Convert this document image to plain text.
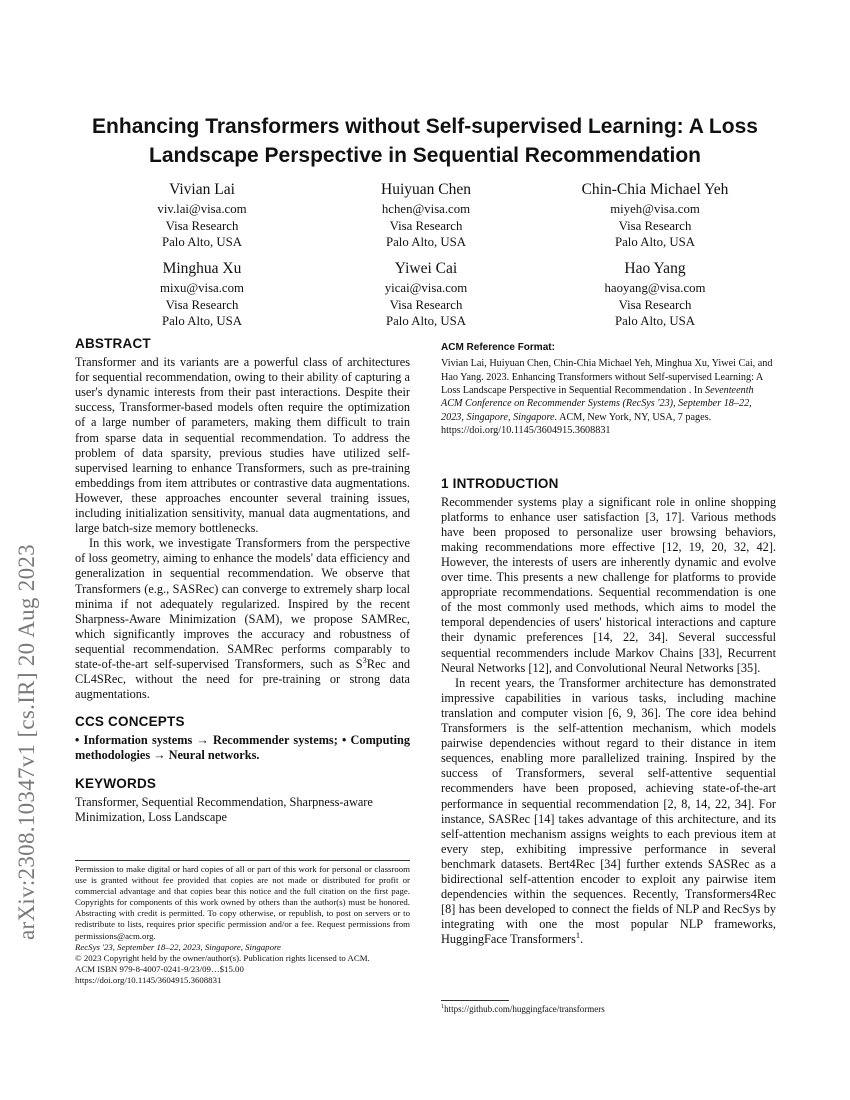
arXiv:2308.10347v1 [cs.IR] 20 Aug 2023
Enhancing Transformers without Self-supervised Learning: A Loss Landscape Perspective in Sequential Recommendation
Vivian Lai
viv.lai@visa.com
Visa Research
Palo Alto, USA
Huiyuan Chen
hchen@visa.com
Visa Research
Palo Alto, USA
Chin-Chia Michael Yeh
miyeh@visa.com
Visa Research
Palo Alto, USA
Minghua Xu
mixu@visa.com
Visa Research
Palo Alto, USA
Yiwei Cai
yicai@visa.com
Visa Research
Palo Alto, USA
Hao Yang
haoyang@visa.com
Visa Research
Palo Alto, USA
ABSTRACT

Transformer and its variants are a powerful class of architectures for sequential recommendation, owing to their ability of capturing a user's dynamic interests from their past interactions. Despite their success, Transformer-based models often require the optimization of a large number of parameters, making them difficult to train from sparse data in sequential recommendation. To address the problem of data sparsity, previous studies have utilized self-supervised learning to enhance Transformers, such as pre-training embeddings from item attributes or contrastive data augmentations. However, these approaches encounter several training issues, including initialization sensitivity, manual data augmentations, and large batch-size memory bottlenecks.

In this work, we investigate Transformers from the perspective of loss geometry, aiming to enhance the models' data efficiency and generalization in sequential recommendation. We observe that Transformers (e.g., SASRec) can converge to extremely sharp local minima if not adequately regularized. Inspired by the recent Sharpness-Aware Minimization (SAM), we propose SAMRec, which significantly improves the accuracy and robustness of sequential recommendation. SAMRec performs comparably to state-of-the-art self-supervised Transformers, such as $S^3Rec$ and CL4SRec, without the need for pre-training or strong data augmentations.

CCS CONCEPTS

• Information systems → Recommender systems; • Computing methodologies → Neural networks.

KEYWORDS

Transformer, Sequential Recommendation, Sharpness-aware Minimization, Loss Landscape

Permission to make digital or hard copies of all or part of this work for personal or classroom use is granted without fee provided that copies are not made or distributed for profit or commercial advantage and that copies bear this notice and the full citation on the first page. Copyrights for components of this work owned by others than the author(s) must be honored. Abstracting with credit is permitted. To copy otherwise, or republish, to post on servers or to redistribute to lists, requires prior specific permission and/or a fee. Request permissions from permissions@acm.org.
RecSys '23, September 18–22, 2023, Singapore, Singapore
© 2023 Copyright held by the owner/author(s). Publication rights licensed to ACM.
ACM ISBN 979-8-4007-0241-9/23/09…$15.00
https://doi.org/10.1145/3604915.3608831
ACM Reference Format:
Vivian Lai, Huiyuan Chen, Chin-Chia Michael Yeh, Minghua Xu, Yiwei Cai, and Hao Yang. 2023. Enhancing Transformers without Self-supervised Learning: A Loss Landscape Perspective in Sequential Recommendation . In Seventeenth ACM Conference on Recommender Systems (RecSys '23), September 18–22, 2023, Singapore, Singapore. ACM, New York, NY, USA, 7 pages. https://doi.org/10.1145/3604915.3608831
1 INTRODUCTION

Recommender systems play a significant role in online shopping platforms to enhance user satisfaction [3, 17]. Various methods have been proposed to personalize user browsing behaviors, making recommendations more effective [12, 19, 20, 32, 42]. However, the interests of users are inherently dynamic and evolve over time. This presents a new challenge for platforms to provide appropriate recommendations. Sequential recommendation is one of the most commonly used methods, which aims to model the temporal dependencies of users' historical interactions and capture their dynamic preferences [14, 22, 34]. Several successful sequential recommenders include Markov Chains [33], Recurrent Neural Networks [12], and Convolutional Neural Networks [35].

In recent years, the Transformer architecture has demonstrated impressive capabilities in various tasks, including machine translation and computer vision [6, 9, 36]. The core idea behind Transformers is the self-attention mechanism, which models pairwise dependencies without regard to their distance in item sequences, enabling more parallelized training. Inspired by the success of Transformers, several self-attentive sequential recommenders have been proposed, achieving state-of-the-art performance in sequential recommendation [2, 8, 14, 22, 34]. For instance, SASRec [14] takes advantage of this architecture, and its self-attention mechanism assigns weights to each previous item at every step, exhibiting impressive performance in several benchmark datasets. Bert4Rec [34] further extends SASRec as a bidirectional self-attention encoder to exploit any pairwise item dependencies within the sequences. Recently, Transformers4Rec [8] has been developed to connect the fields of NLP and RecSys by integrating with one the most popular NLP frameworks, HuggingFace Transformers$^1$.

$^1$https://github.com/huggingface/transformers
